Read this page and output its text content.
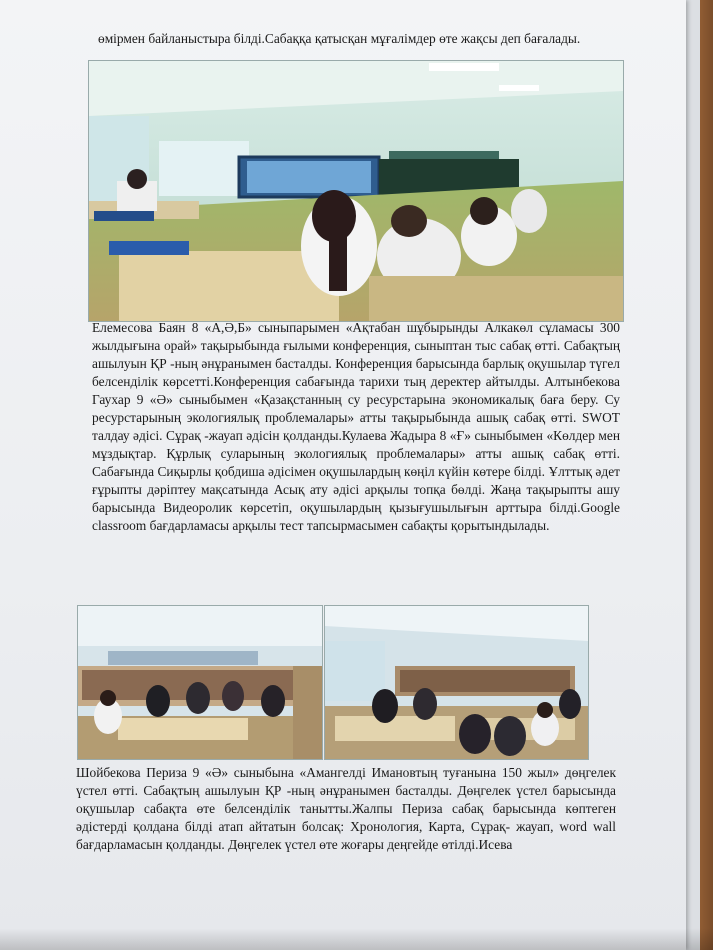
өмірмен байланыстыра білді.Сабаққа қатысқан мұғалімдер өте жақсы деп бағалады.

Елемесова Баян 8 «А,Ә,Б» сыныпарымен «Ақтабан шұбырынды Алкакөл сұламасы 300 жылдығына орай» тақырыбында ғылыми конференция, сыныптан тыс сабақ өтті. Сабақтың ашылуын ҚР -ның әнұранымен басталды. Конференция барысында барлық оқушылар түгел белсенділік көрсетті.Конференция сабағында тарихи тың деректер айтылды. Алтынбекова Гаухар 9 «Ә» сыныбымен «Қазақстанның су ресурстарына экономикалық баға беру. Су ресурстарының экологиялық проблемалары» атты тақырыбында ашық сабақ өтті. SWOT талдау әдісі. Сұрақ -жауап әдісін қолданды.Кулаева Жадыра 8 «Ғ» сыныбымен «Көлдер мен мұздықтар. Құрлық суларының экологиялық проблемалары» атты ашық сабақ өтті. Сабағында Сиқырлы қобдиша әдісімен оқушылардың көңіл күйін көтере білді. Ұлттық әдет ғұрыпты дәріптеу мақсатында Асық ату әдісі арқылы топқа бөлді. Жаңа тақырыпты ашу барысында Видеоролик көрсетіп, оқушылардың қызығушылығын арттыра білді.Google classroom бағдарламасы арқылы тест тапсырмасымен сабақты қорытындылады.

Шойбекова Периза 9 «Ә» сыныбына «Амангелді Имановтың туғанына 150 жыл» дөңгелек үстел өтті. Сабақтың ашылуын ҚР -ның әнұранымен басталды. Дөңгелек үстел барысында оқушылар сабақта өте белсенділік танытты.Жалпы Периза сабақ барысында көптеген әдістерді қолдана білді атап айтатын болсақ: Хронология, Карта, Сұрақ- жауап, word wall бағдарламасын қолданды. Дөңгелек үстел өте жоғары деңгейде өтілді.Исева
